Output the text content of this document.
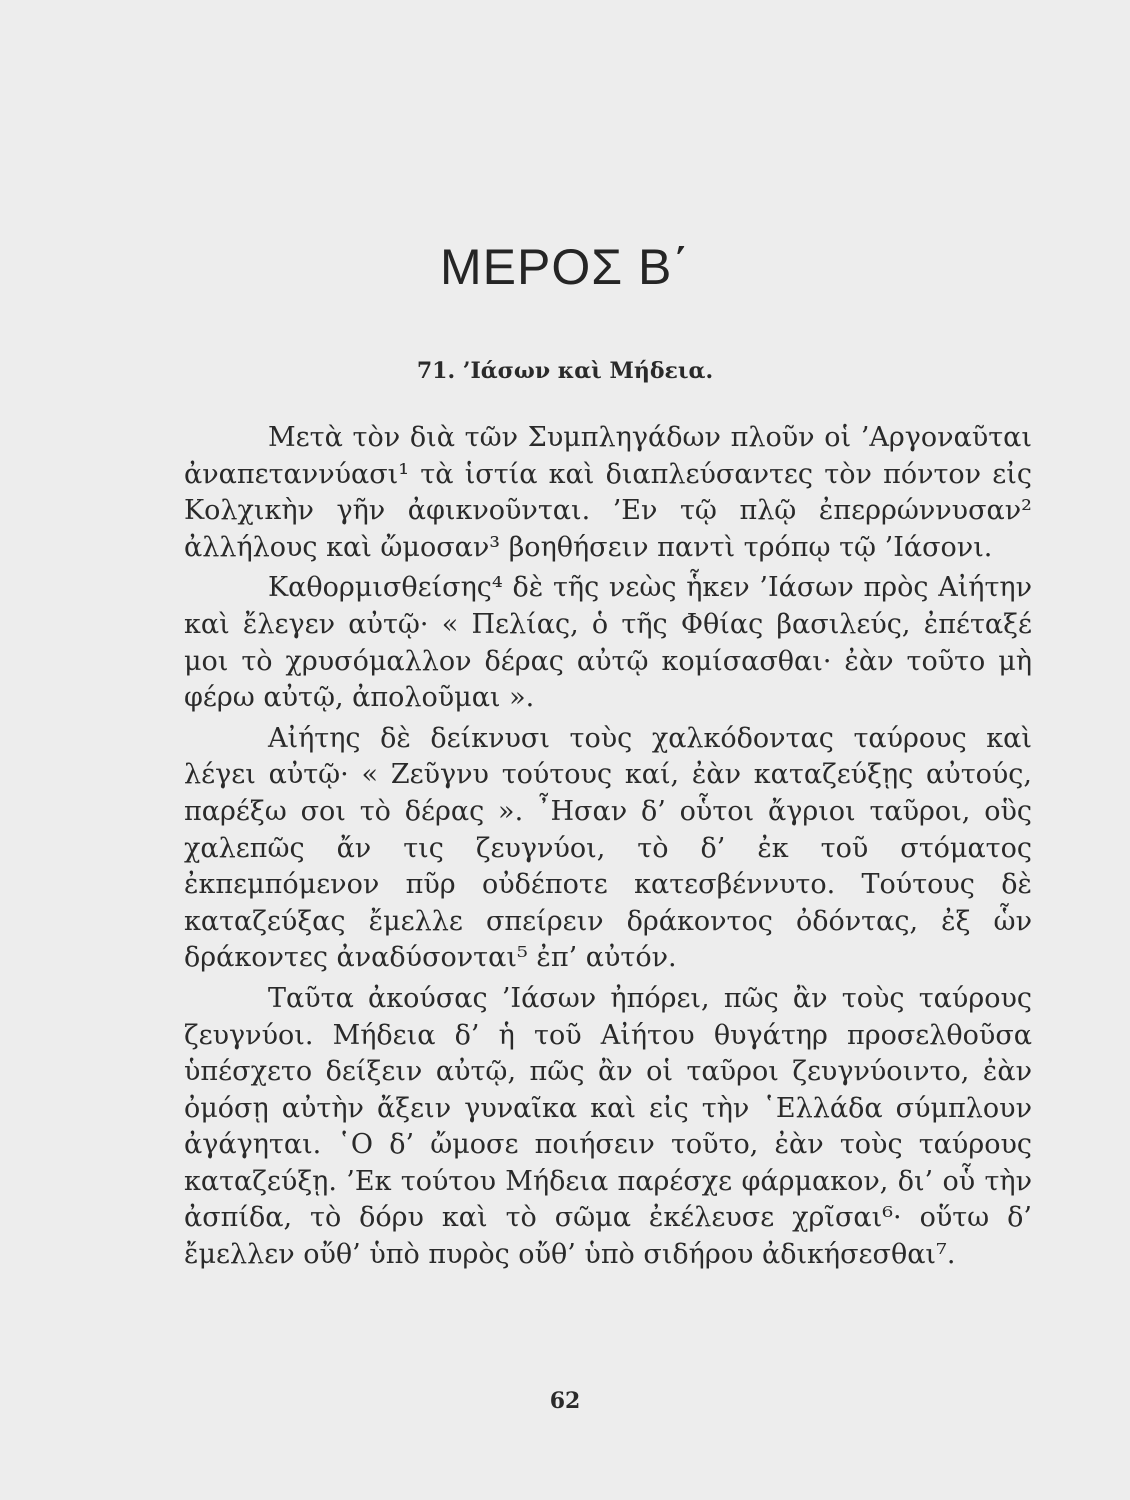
ΜΕΡΟΣ Β΄
71. ’Ιάσων καὶ Μήδεια.

Μετὰ τὸν διὰ τῶν Συμπληγάδων πλοῦν οἱ ’Αργοναῦται ἀναπεταννύασι¹ τὰ ἱστία καὶ διαπλεύσαντες τὸν πόντον εἰς Κολχικὴν γῆν ἀφικνοῦνται. ’Εν τῷ πλῷ ἐπερρώννυσαν² ἀλλήλους καὶ ὤμοσαν³ βοηθήσειν παντὶ τρόπῳ τῷ ’Ιάσονι.

Καθορμισθείσης⁴ δὲ τῆς νεὼς ἧκεν ’Ιάσων πρὸς Αἰήτην καὶ ἔλεγεν αὐτῷ· « Πελίας, ὁ τῆς Φθίας βασιλεύς, ἐπέταξέ μοι τὸ χρυσόμαλλον δέρας αὐτῷ κομίσασθαι· ἐὰν τοῦτο μὴ φέρω αὐτῷ, ἀπολοῦμαι ».

Αἰήτης δὲ δείκνυσι τοὺς χαλκόδοντας ταύρους καὶ λέγει αὐτῷ· « Ζεῦγνυ τούτους καί, ἐὰν καταζεύξῃς αὐτούς, παρέξω σοι τὸ δέρας ». ῏Ησαν δ’ οὗτοι ἄγριοι ταῦροι, οὓς χαλεπῶς ἄν τις ζευγνύοι, τὸ δ’ ἐκ τοῦ στόματος ἐκπεμπόμενον πῦρ οὐδέποτε κατεσβέννυτο. Τούτους δὲ καταζεύξας ἔμελλε σπείρειν δράκοντος ὀδόντας, ἐξ ὧν δράκοντες ἀναδύσονται⁵ ἐπ’ αὐτόν.

Ταῦτα ἀκούσας ’Ιάσων ἠπόρει, πῶς ἂν τοὺς ταύρους ζευγνύοι. Μήδεια δ’ ἡ τοῦ Αἰήτου θυγάτηρ προσελθοῦσα ὑπέσχετο δείξειν αὐτῷ, πῶς ἂν οἱ ταῦροι ζευγνύοιντο, ἐὰν ὀμόσῃ αὐτὴν ἄξειν γυναῖκα καὶ εἰς τὴν ῾Ελλάδα σύμπλουν ἀγάγηται. ῾Ο δ’ ὤμοσε ποιήσειν τοῦτο, ἐὰν τοὺς ταύρους καταζεύξῃ. ’Εκ τούτου Μήδεια παρέσχε φάρμακον, δι’ οὗ τὴν ἀσπίδα, τὸ δόρυ καὶ τὸ σῶμα ἐκέλευσε χρῖσαι⁶· οὕτω δ’ ἔμελλεν οὔθ’ ὑπὸ πυρὸς οὔθ’ ὑπὸ σιδήρου ἀδικήσεσθαι⁷.

62
